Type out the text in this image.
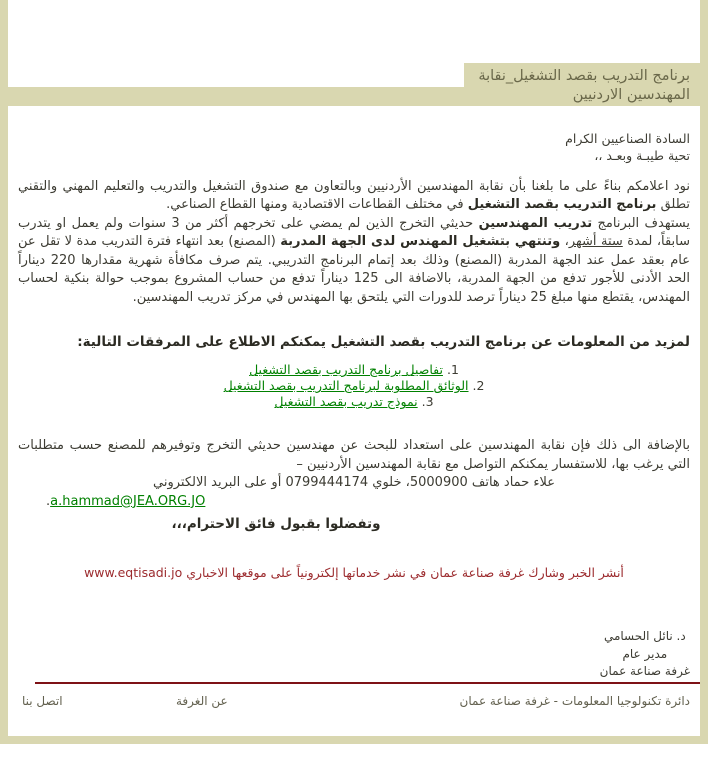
برنامج التدريب بقصد التشغيل_نقابة
المهندسين الاردنيين
السادة الصناعيين الكرام
تحية طيبـة وبعـد ،،

نود اعلامكم بناءً على ما بلغنا بأن نقابة المهندسين الأردنيين وبالتعاون مع صندوق التشغيل والتدريب والتعليم المهني والتقني تطلق برنامج التدريب بقصد التشغيل في مختلف القطاعات الاقتصادية ومنها القطاع الصناعي.

يستهدف البرنامج تدريب المهندسين حديثي التخرج الذين لم يمضي على تخرجهم أكثر من 3 سنوات ولم يعمل او يتدرب سابقاً، لمدة ستة أشهر، وتنتهي بتشغيل المهندس لدى الجهة المدربة (المصنع) بعد انتهاء فترة التدريب مدة لا تقل عن عام بعقد عمل عند الجهة المدربة (المصنع) وذلك بعد إتمام البرنامج التدريبي. يتم صرف مكافأة شهرية مقدارها 220 ديناراً الحد الأدنى للأجور تدفع من الجهة المدربة، بالاضافة الى 125 ديناراً تدفع من حساب المشروع بموجب حوالة بنكية لحساب المهندس، يقتطع منها مبلغ 25 ديناراً ترصد للدورات التي يلتحق بها المهندس في مركز تدريب المهندسين.

لمزيد من المعلومات عن برنامج التدريب بقصد التشغيل يمكنكم الاطلاع على المرفقات التالية:
1. تفاصيل برنامج التدريب بقصد التشغيل
2. الوثائق المطلوبة لبرنامج التدريب بقصد التشغيل
3. نموذج تدريب بقصد التشغيل

بالإضافة الى ذلك فإن نقابة المهندسين على استعداد للبحث عن مهندسين حديثي التخرج وتوفيرهم للمصنع حسب متطلبات التي يرغب بها، للاستفسار يمكنكم التواصل مع نقابة المهندسين الأردنيين –

علاء حماد هاتف 5000900، خلوي 0799444174 أو على البريد الالكتروني

a.hammad@JEA.ORG.JO.

وتفضلوا بقبول فائق الاحترام،،،
أنشر الخبر وشارك غرفة صناعة عمان في نشر خدماتها إلكترونياً على موقعها الاخباري www.eqtisadi.jo
د. نائل الحسامي
مدير عام
غرفة صناعة عمان
دائرة تكنولوجيا المعلومات - غرفة صناعة عمان
عن الغرفة
اتصل بنا
